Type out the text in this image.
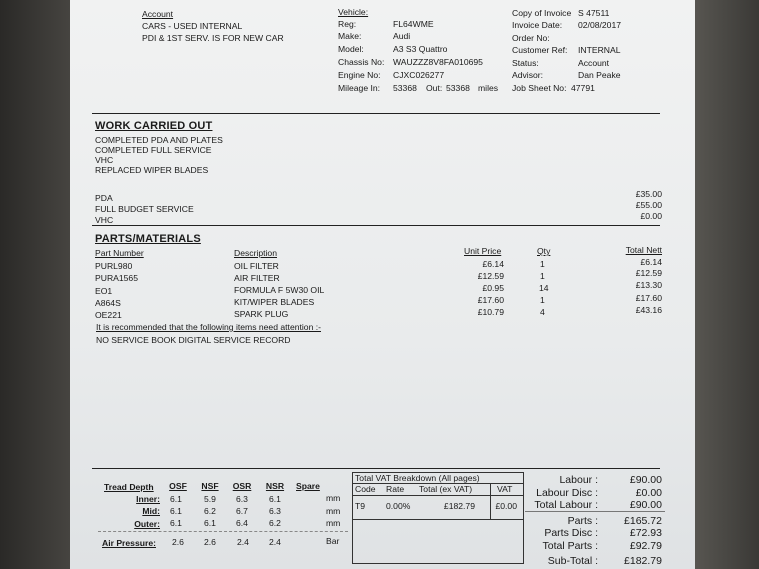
Account
CARS - USED INTERNAL
PDI & 1ST SERV. IS FOR NEW CAR
Vehicle:
Reg:	FL64WME
Make:	Audi
Model:	A3 S3 Quattro
Chassis No: WAUZZZ8V8FA010695
Engine No: CJXC026277
Mileage In: 53368 Out: 53368 miles
Copy of Invoice S 47511
Invoice Date: 02/08/2017
Order No:
Customer Ref: INTERNAL
Status:	Account
Advisor:	Dan Peake
Job Sheet No: 47791
WORK CARRIED OUT
COMPLETED PDA AND PLATES
COMPLETED FULL SERVICE
VHC
REPLACED WIPER BLADES
PDA	£35.00
FULL BUDGET SERVICE	£55.00
VHC	£0.00
PARTS/MATERIALS
Part Number	Description	Unit Price	Qty	Total Nett
PURL980	OIL FILTER	£6.14	1	£6.14
PURA1565	AIR FILTER	£12.59	1	£12.59
EO1	FORMULA F 5W30 OIL	£0.95	14	£13.30
A864S	KIT/WIPER BLADES	£17.60	1	£17.60
OE221	SPARK PLUG	£10.79	4	£43.16
It is recommended that the following items need attention :-
NO SERVICE BOOK DIGITAL SERVICE RECORD
Tread Depth	OSF	NSF	OSR	NSR	Spare
Inner:	6.1	5.9	6.3	6.1	mm
Mid:	6.1	6.2	6.7	6.3	mm
Outer:	6.1	6.1	6.4	6.2	mm
Air Pressure:	2.6	2.6	2.4	2.4	Bar
Total VAT Breakdown (All pages)
Code Rate Total (ex VAT)	VAT
T9 0.00%	£182.79 £0.00
Labour :	£90.00
Labour Disc :	£0.00
Total Labour :	£90.00
Parts : £165.72
Parts Disc :	£72.93
Total Parts :	£92.79
Sub-Total : £182.79
